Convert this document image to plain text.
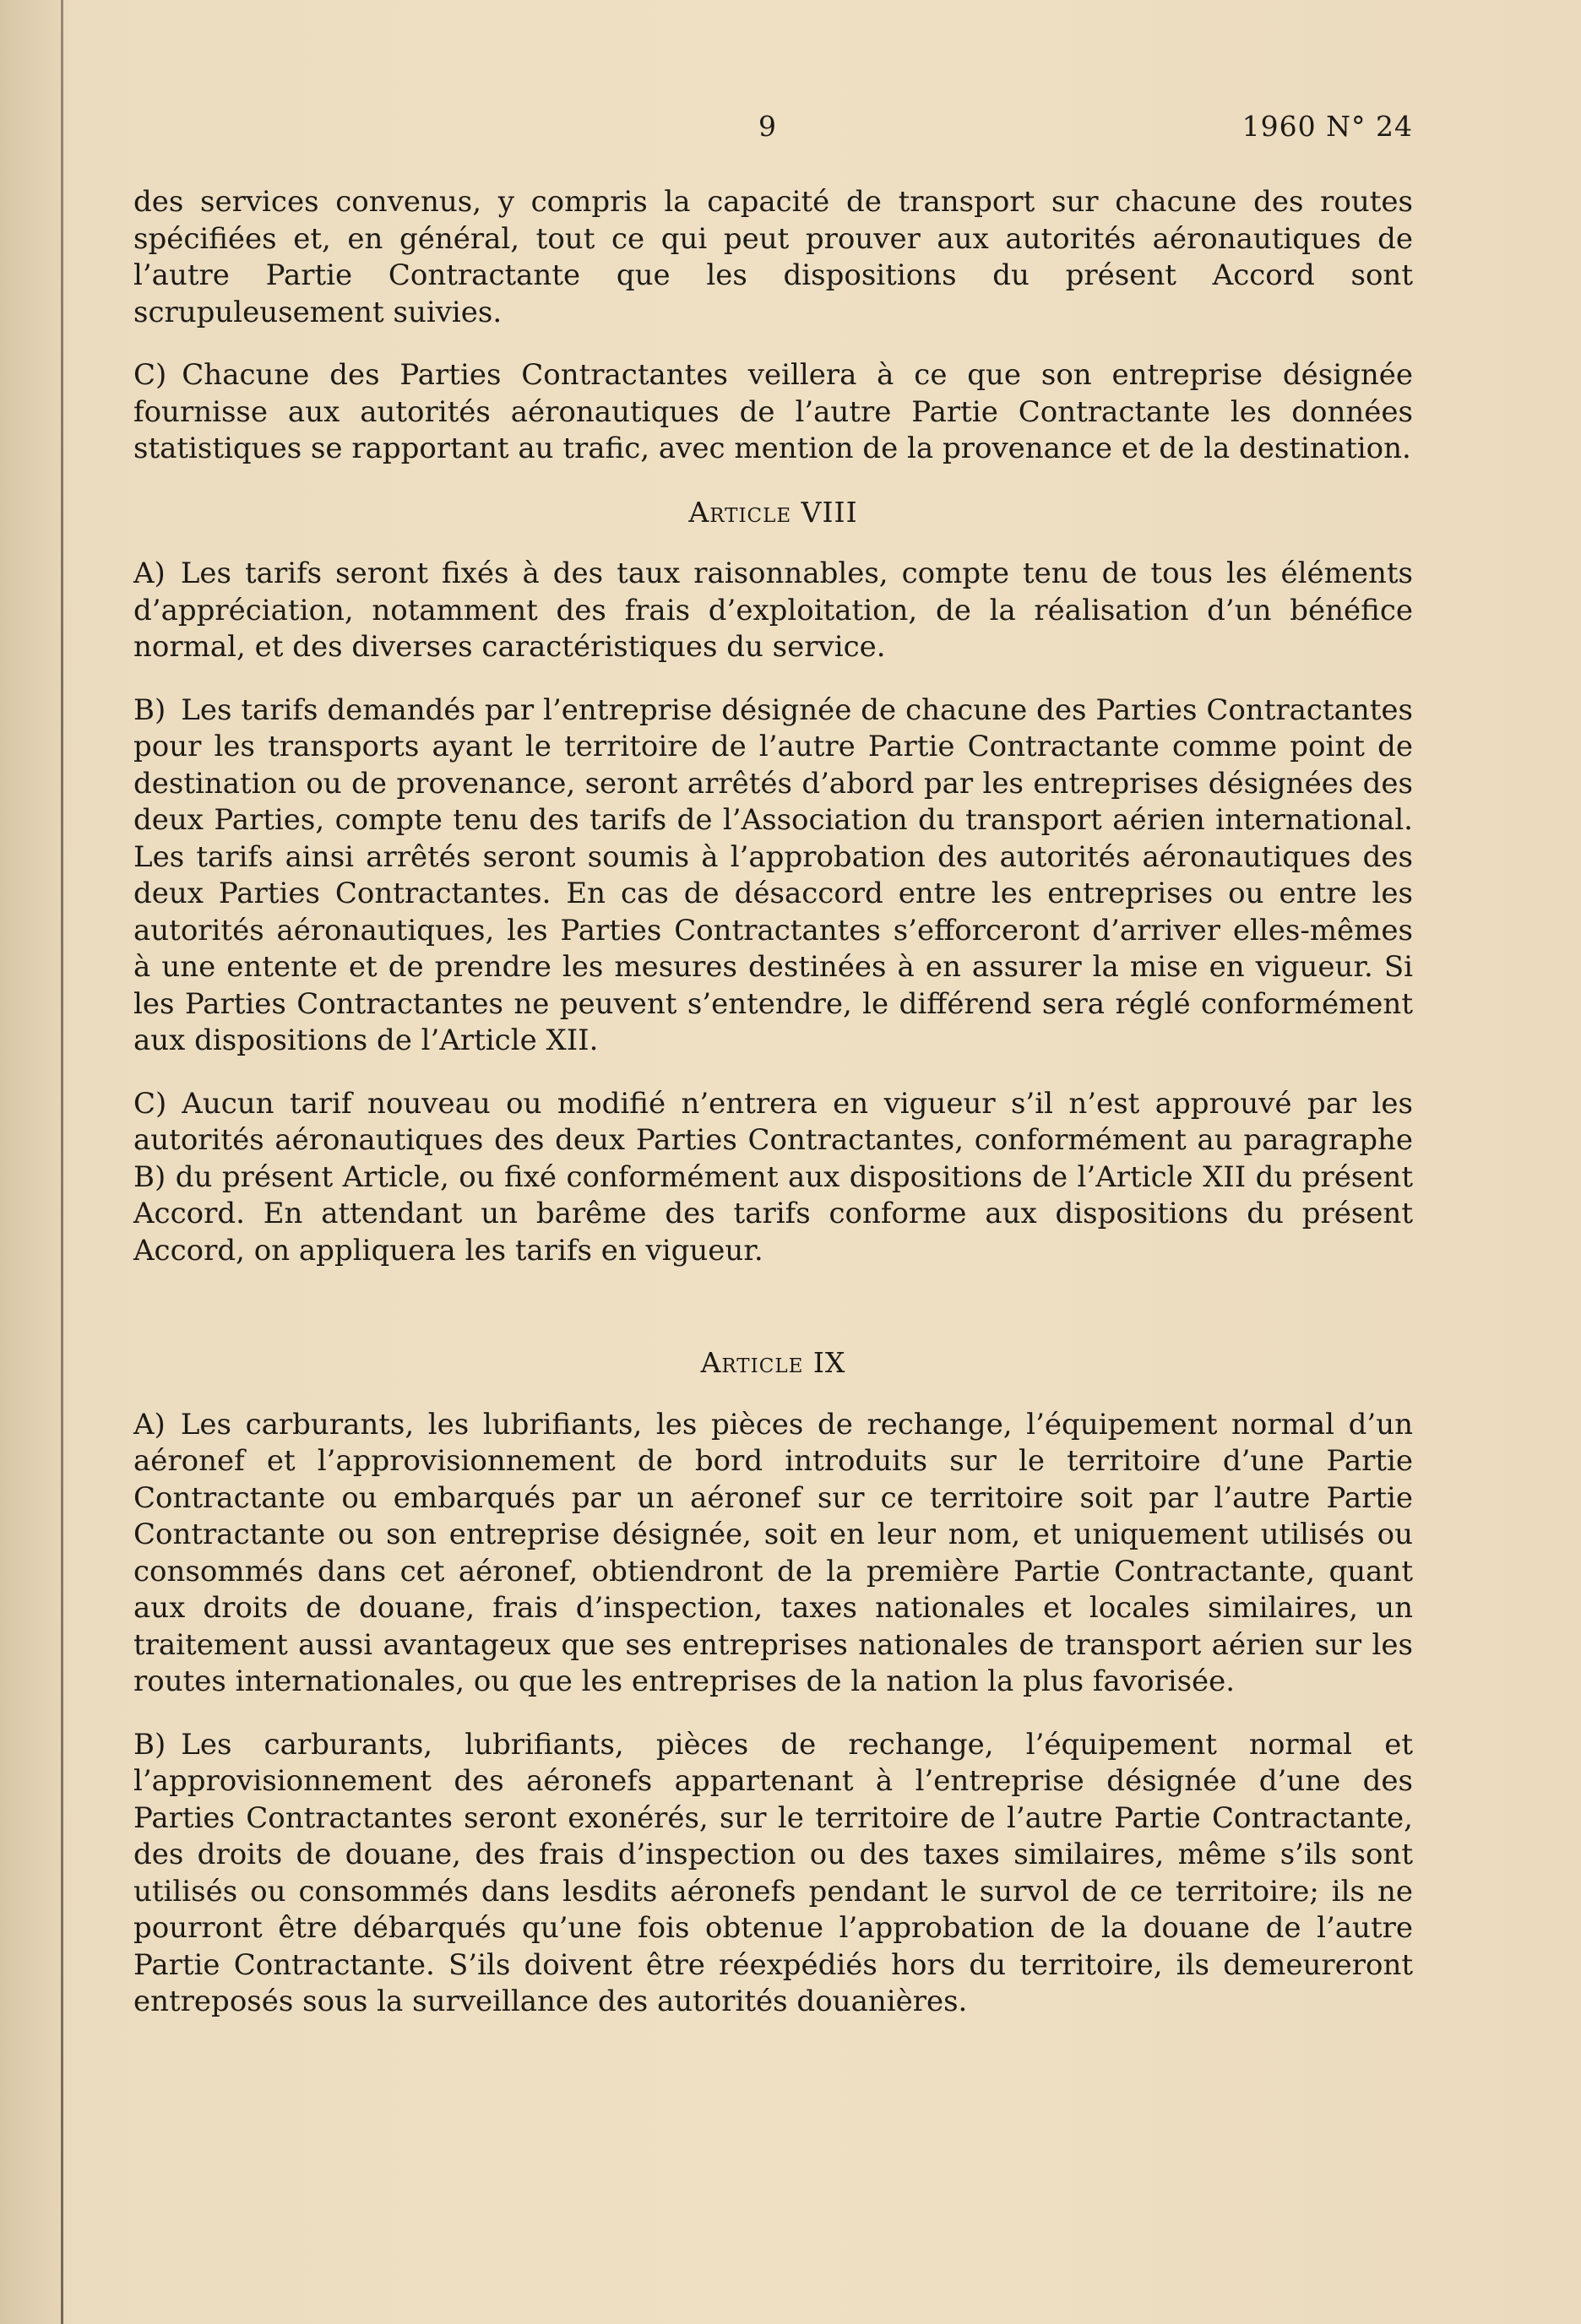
9	1960 N° 24

des services convenus, y compris la capacité de transport sur chacune des routes spécifiées et, en général, tout ce qui peut prouver aux autorités aéronautiques de l’autre Partie Contractante que les dispositions du présent Accord sont scrupuleusement suivies.

C) Chacune des Parties Contractantes veillera à ce que son entreprise désignée fournisse aux autorités aéronautiques de l’autre Partie Contractante les données statistiques se rapportant au trafic, avec mention de la provenance et de la destination.

Article VIII

A) Les tarifs seront fixés à des taux raisonnables, compte tenu de tous les éléments d’appréciation, notamment des frais d’exploitation, de la réalisation d’un bénéfice normal, et des diverses caractéristiques du service.

B) Les tarifs demandés par l’entreprise désignée de chacune des Parties Contractantes pour les transports ayant le territoire de l’autre Partie Contractante comme point de destination ou de provenance, seront arrêtés d’abord par les entreprises désignées des deux Parties, compte tenu des tarifs de l’Association du transport aérien international. Les tarifs ainsi arrêtés seront soumis à l’approbation des autorités aéronautiques des deux Parties Contractantes. En cas de désaccord entre les entreprises ou entre les autorités aéronautiques, les Parties Contractantes s’efforceront d’arriver elles-mêmes à une entente et de prendre les mesures destinées à en assurer la mise en vigueur. Si les Parties Contractantes ne peuvent s’entendre, le différend sera réglé conformément aux dispositions de l’Article XII.

C) Aucun tarif nouveau ou modifié n’entrera en vigueur s’il n’est approuvé par les autorités aéronautiques des deux Parties Contractantes, conformément au paragraphe B) du présent Article, ou fixé conformément aux dispositions de l’Article XII du présent Accord. En attendant un barême des tarifs conforme aux dispositions du présent Accord, on appliquera les tarifs en vigueur.

Article IX

A) Les carburants, les lubrifiants, les pièces de rechange, l’équipement normal d’un aéronef et l’approvisionnement de bord introduits sur le territoire d’une Partie Contractante ou embarqués par un aéronef sur ce territoire soit par l’autre Partie Contractante ou son entreprise désignée, soit en leur nom, et uniquement utilisés ou consommés dans cet aéronef, obtiendront de la première Partie Contractante, quant aux droits de douane, frais d’inspection, taxes nationales et locales similaires, un traitement aussi avantageux que ses entreprises nationales de transport aérien sur les routes internationales, ou que les entreprises de la nation la plus favorisée.

B) Les carburants, lubrifiants, pièces de rechange, l’équipement normal et l’approvisionnement des aéronefs appartenant à l’entreprise désignée d’une des Parties Contractantes seront exonérés, sur le territoire de l’autre Partie Contractante, des droits de douane, des frais d’inspection ou des taxes similaires, même s’ils sont utilisés ou consommés dans lesdits aéronefs pendant le survol de ce territoire; ils ne pourront être débarqués qu’une fois obtenue l’approbation de la douane de l’autre Partie Contractante. S’ils doivent être réexpédiés hors du territoire, ils demeureront entreposés sous la surveillance des autorités douanières.
